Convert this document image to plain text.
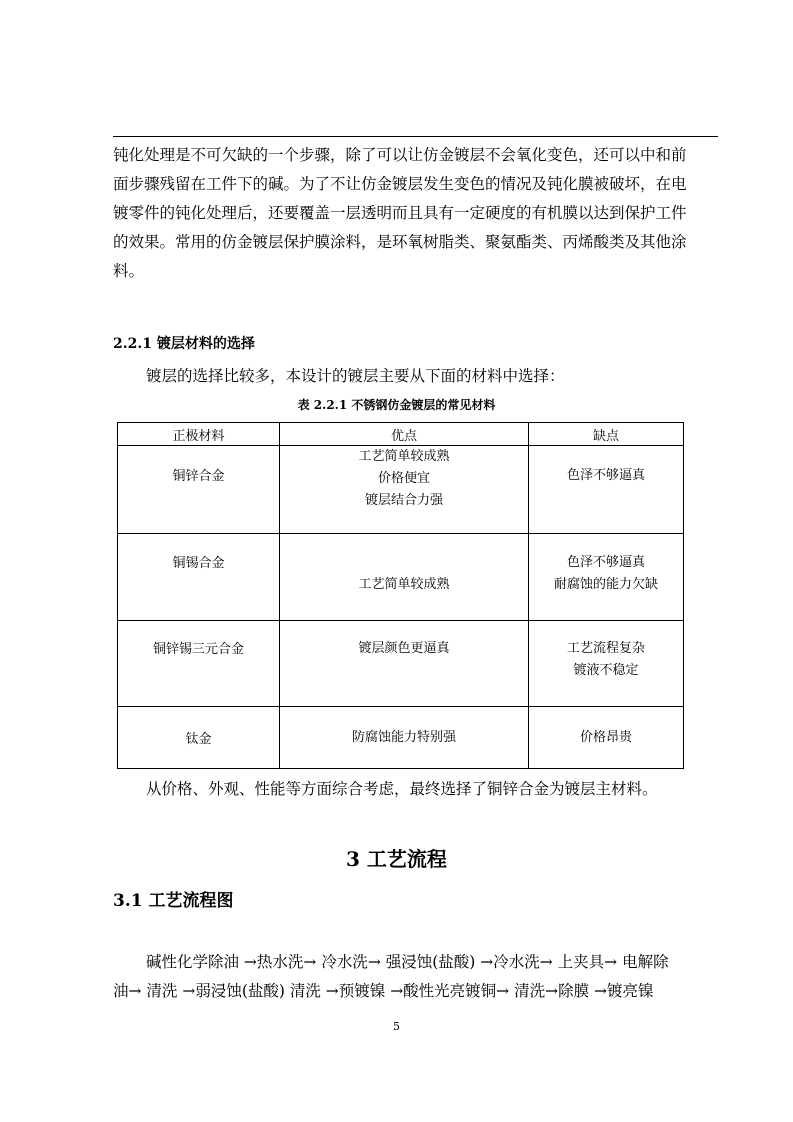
钝化处理是不可欠缺的一个步骤，除了可以让仿金镀层不会氧化变色，还可以中和前
面步骤残留在工件下的碱。为了不让仿金镀层发生变色的情况及钝化膜被破坏，在电
镀零件的钝化处理后，还要覆盖一层透明而且具有一定硬度的有机膜以达到保护工件
的效果。常用的仿金镀层保护膜涂料，是环氧树脂类、聚氨酯类、丙烯酸类及其他涂
料。
2.2.1 镀层材料的选择
镀层的选择比较多，本设计的镀层主要从下面的材料中选择：
表 2.2.1 不锈钢仿金镀层的常见材料
正极材料	优点	缺点
铜锌合金	工艺简单较成熟
价格便宜
镀层结合力强	色泽不够逼真

铜锡合金	工艺简单较成熟	色泽不够逼真
耐腐蚀的能力欠缺

铜锌锡三元合金	镀层颜色更逼真	工艺流程复杂
镀液不稳定

钛金	防腐蚀能力特别强	价格昂贵
从价格、外观、性能等方面综合考虑，最终选择了铜锌合金为镀层主材料。
3 工艺流程
3.1 工艺流程图
碱性化学除油 →热水洗→ 冷水洗→ 强浸蚀(盐酸) →冷水洗→ 上夹具→ 电解除
油→ 清洗 →弱浸蚀(盐酸) 清洗 →预镀镍 →酸性光亮镀铜→ 清洗→除膜 →镀亮镍
5
